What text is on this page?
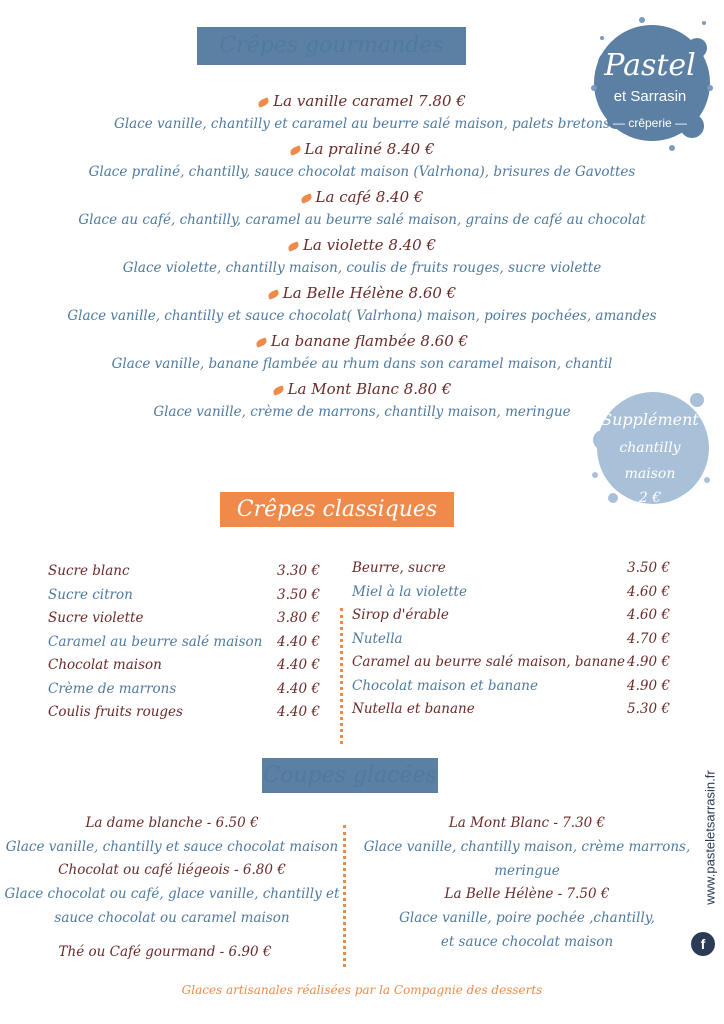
Pastel
et Sarrasin
— crêperie —
Crêpes gourmandes
La vanille caramel 7.80 €
Glace vanille, chantilly et caramel au beurre salé maison, palets bretons
La praliné 8.40 €
Glace praliné, chantilly, sauce chocolat maison (Valrhona), brisures de Gavottes
La café 8.40 €
Glace au café, chantilly, caramel au beurre salé maison, grains de café au chocolat
La violette 8.40 €
Glace violette, chantilly maison, coulis de fruits rouges, sucre violette
La Belle Hélène 8.60 €
Glace vanille, chantilly et sauce chocolat( Valrhona) maison, poires pochées, amandes
La banane flambée 8.60 €
Glace vanille, banane flambée au rhum dans son caramel maison, chantil
La Mont Blanc 8.80 €
Glace vanille, crème de marrons, chantilly maison, meringue	Supplément
chantilly
maison
2 €
Crêpes classiques
Sucre blanc	3.30 €
Sucre citron	3.50 €
Sucre violette	3.80 €
Caramel au beurre salé maison 4.40 €
Chocolat maison	4.40 €
Crème de marrons	4.40 €
Coulis fruits rouges	4.40 €
Beurre, sucre	3.50 €
Miel à la violette	4.60 €
Sirop d'érable	4.60 €
Nutella	4.70 €
Caramel au beurre salé maison, banane 4.90 €
Chocolat maison et banane	4.90 €
Nutella et banane	5.30 €
Coupes glacées
La dame blanche - 6.50 €
Glace vanille, chantilly et sauce chocolat maison
Chocolat ou café liégeois - 6.80 €
Glace chocolat ou café, glace vanille, chantilly et
sauce chocolat ou caramel maison
Thé ou Café gourmand - 6.90 €
La Mont Blanc - 7.30 €
Glace vanille, chantilly maison, crème marrons,
meringue
La Belle Hélène - 7.50 €
Glace vanille, poire pochée ,chantilly,
et sauce chocolat maison
Glaces artisanales réalisées par la Compagnie des desserts
www.pasteletsarrasin.fr
f
